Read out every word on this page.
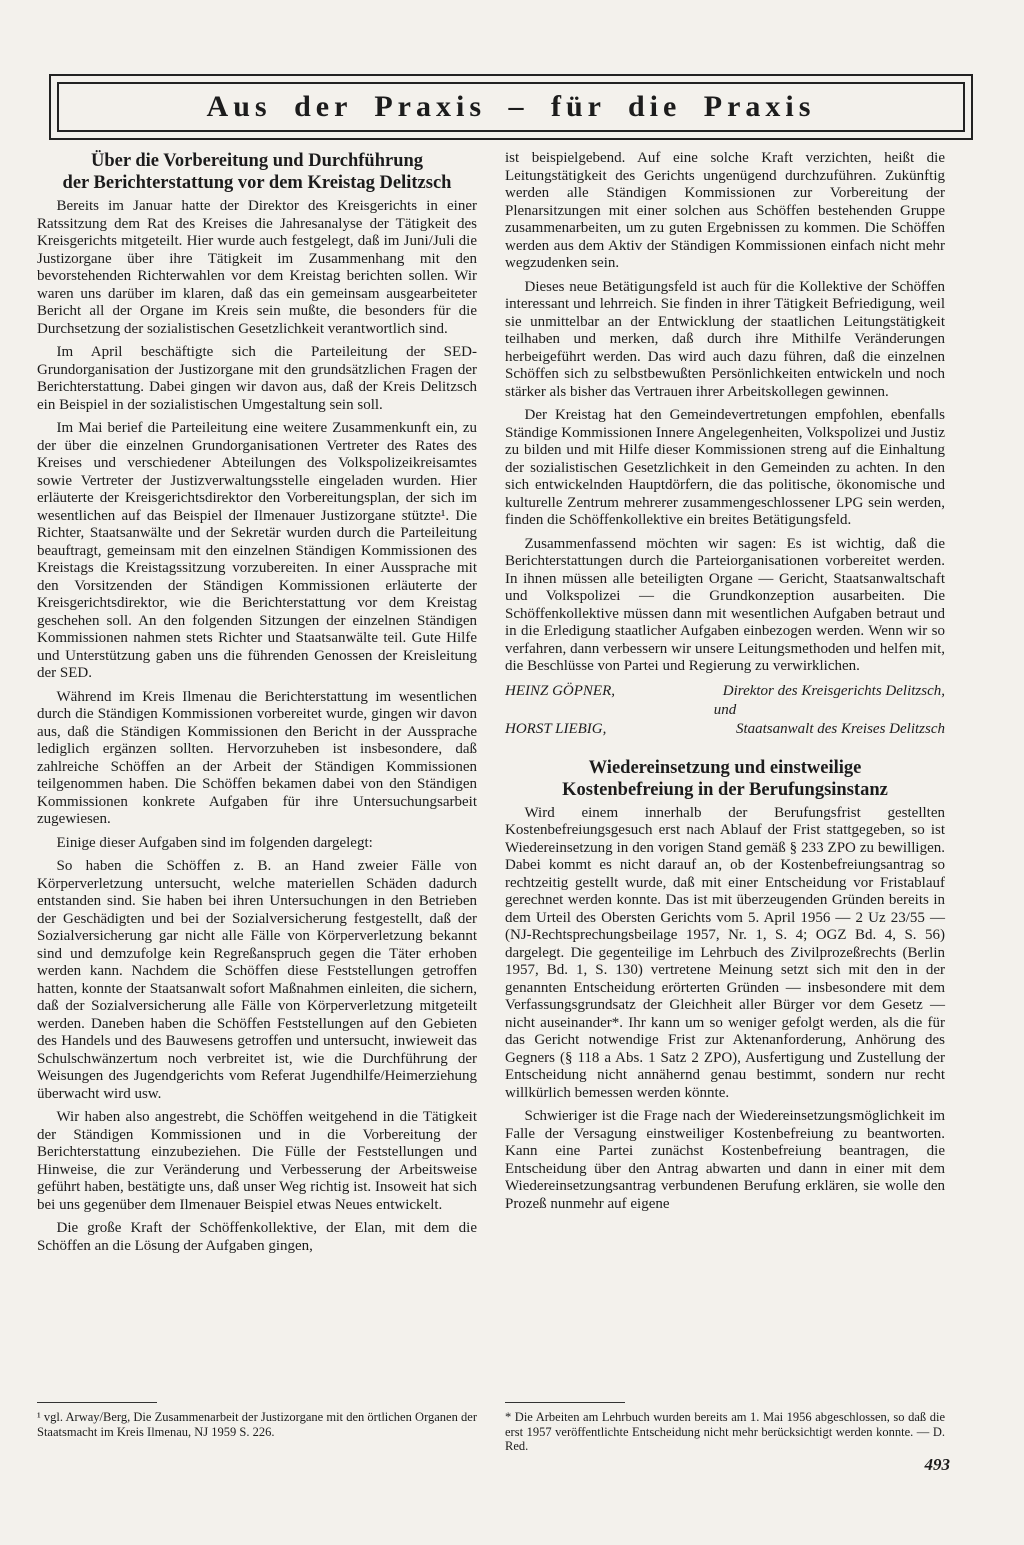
Aus der Praxis – für die Praxis
Über die Vorbereitung und Durchführung
der Berichterstattung vor dem Kreistag Delitzsch

Bereits im Januar hatte der Direktor des Kreisgerichts in einer Ratssitzung dem Rat des Kreises die Jahresanalyse der Tätigkeit des Kreisgerichts mitgeteilt. Hier wurde auch festgelegt, daß im Juni/Juli die Justizorgane über ihre Tätigkeit im Zusammenhang mit den bevorstehenden Richterwahlen vor dem Kreistag berichten sollen. Wir waren uns darüber im klaren, daß das ein gemeinsam ausgearbeiteter Bericht all der Organe im Kreis sein mußte, die besonders für die Durchsetzung der sozialistischen Gesetzlichkeit verantwortlich sind.

Im April beschäftigte sich die Parteileitung der SED-Grundorganisation der Justizorgane mit den grundsätzlichen Fragen der Berichterstattung. Dabei gingen wir davon aus, daß der Kreis Delitzsch ein Beispiel in der sozialistischen Umgestaltung sein soll.

Im Mai berief die Parteileitung eine weitere Zusammenkunft ein, zu der über die einzelnen Grundorganisationen Vertreter des Rates des Kreises und verschiedener Abteilungen des Volkspolizeikreisamtes sowie Vertreter der Justizverwaltungsstelle eingeladen wurden. Hier erläuterte der Kreisgerichtsdirektor den Vorbereitungsplan, der sich im wesentlichen auf das Beispiel der Ilmenauer Justizorgane stützte¹. Die Richter, Staatsanwälte und der Sekretär wurden durch die Parteileitung beauftragt, gemeinsam mit den einzelnen Ständigen Kommissionen des Kreistags die Kreistagssitzung vorzubereiten. In einer Aussprache mit den Vorsitzenden der Ständigen Kommissionen erläuterte der Kreisgerichtsdirektor, wie die Berichterstattung vor dem Kreistag geschehen soll. An den folgenden Sitzungen der einzelnen Ständigen Kommissionen nahmen stets Richter und Staatsanwälte teil. Gute Hilfe und Unterstützung gaben uns die führenden Genossen der Kreisleitung der SED.

Während im Kreis Ilmenau die Berichterstattung im wesentlichen durch die Ständigen Kommissionen vorbereitet wurde, gingen wir davon aus, daß die Ständigen Kommissionen den Bericht in der Aussprache lediglich ergänzen sollten. Hervorzuheben ist insbesondere, daß zahlreiche Schöffen an der Arbeit der Ständigen Kommissionen teilgenommen haben. Die Schöffen bekamen dabei von den Ständigen Kommissionen konkrete Aufgaben für ihre Untersuchungsarbeit zugewiesen.

Einige dieser Aufgaben sind im folgenden dargelegt:

So haben die Schöffen z. B. an Hand zweier Fälle von Körperverletzung untersucht, welche materiellen Schäden dadurch entstanden sind. Sie haben bei ihren Untersuchungen in den Betrieben der Geschädigten und bei der Sozialversicherung festgestellt, daß der Sozialversicherung gar nicht alle Fälle von Körperverletzung bekannt sind und demzufolge kein Regreßanspruch gegen die Täter erhoben werden kann. Nachdem die Schöffen diese Feststellungen getroffen hatten, konnte der Staatsanwalt sofort Maßnahmen einleiten, die sichern, daß der Sozialversicherung alle Fälle von Körperverletzung mitgeteilt werden. Daneben haben die Schöffen Feststellungen auf den Gebieten des Handels und des Bauwesens getroffen und untersucht, inwieweit das Schulschwänzertum noch verbreitet ist, wie die Durchführung der Weisungen des Jugendgerichts vom Referat Jugendhilfe/Heimerziehung überwacht wird usw.

Wir haben also angestrebt, die Schöffen weitgehend in die Tätigkeit der Ständigen Kommissionen und in die Vorbereitung der Berichterstattung einzubeziehen. Die Fülle der Feststellungen und Hinweise, die zur Veränderung und Verbesserung der Arbeitsweise geführt haben, bestätigte uns, daß unser Weg richtig ist. Insoweit hat sich bei uns gegenüber dem Ilmenauer Beispiel etwas Neues entwickelt.

Die große Kraft der Schöffenkollektive, der Elan, mit dem die Schöffen an die Lösung der Aufgaben gingen,

ist beispielgebend. Auf eine solche Kraft verzichten, heißt die Leitungstätigkeit des Gerichts ungenügend durchzuführen. Zukünftig werden alle Ständigen Kommissionen zur Vorbereitung der Plenarsitzungen mit einer solchen aus Schöffen bestehenden Gruppe zusammenarbeiten, um zu guten Ergebnissen zu kommen. Die Schöffen werden aus dem Aktiv der Ständigen Kommissionen einfach nicht mehr wegzudenken sein.

Dieses neue Betätigungsfeld ist auch für die Kollektive der Schöffen interessant und lehrreich. Sie finden in ihrer Tätigkeit Befriedigung, weil sie unmittelbar an der Entwicklung der staatlichen Leitungstätigkeit teilhaben und merken, daß durch ihre Mithilfe Veränderungen herbeigeführt werden. Das wird auch dazu führen, daß die einzelnen Schöffen sich zu selbstbewußten Persönlichkeiten entwickeln und noch stärker als bisher das Vertrauen ihrer Arbeitskollegen gewinnen.

Der Kreistag hat den Gemeindevertretungen empfohlen, ebenfalls Ständige Kommissionen Innere Angelegenheiten, Volkspolizei und Justiz zu bilden und mit Hilfe dieser Kommissionen streng auf die Einhaltung der sozialistischen Gesetzlichkeit in den Gemeinden zu achten. In den sich entwickelnden Hauptdörfern, die das politische, ökonomische und kulturelle Zentrum mehrerer zusammengeschlossener LPG sein werden, finden die Schöffenkollektive ein breites Betätigungsfeld.

Zusammenfassend möchten wir sagen: Es ist wichtig, daß die Berichterstattungen durch die Parteiorganisationen vorbereitet werden. In ihnen müssen alle beteiligten Organe — Gericht, Staatsanwaltschaft und Volkspolizei — die Grundkonzeption ausarbeiten. Die Schöffenkollektive müssen dann mit wesentlichen Aufgaben betraut und in die Erledigung staatlicher Aufgaben einbezogen werden. Wenn wir so verfahren, dann verbessern wir unsere Leitungsmethoden und helfen mit, die Beschlüsse von Partei und Regierung zu verwirklichen.

HEINZ GÖPNER,	Direktor des Kreisgerichts Delitzsch,
und
HORST LIEBIG,	Staatsanwalt des Kreises Delitzsch
Wiedereinsetzung und einstweilige
Kostenbefreiung in der Berufungsinstanz

Wird einem innerhalb der Berufungsfrist gestellten Kostenbefreiungsgesuch erst nach Ablauf der Frist stattgegeben, so ist Wiedereinsetzung in den vorigen Stand gemäß § 233 ZPO zu bewilligen. Dabei kommt es nicht darauf an, ob der Kostenbefreiungsantrag so rechtzeitig gestellt wurde, daß mit einer Entscheidung vor Fristablauf gerechnet werden konnte. Das ist mit überzeugenden Gründen bereits in dem Urteil des Obersten Gerichts vom 5. April 1956 — 2 Uz 23/55 — (NJ-Rechtsprechungsbeilage 1957, Nr. 1, S. 4; OGZ Bd. 4, S. 56) dargelegt. Die gegenteilige im Lehrbuch des Zivilprozeßrechts (Berlin 1957, Bd. 1, S. 130) vertretene Meinung setzt sich mit den in der genannten Entscheidung erörterten Gründen — insbesondere mit dem Verfassungsgrundsatz der Gleichheit aller Bürger vor dem Gesetz — nicht auseinander*. Ihr kann um so weniger gefolgt werden, als die für das Gericht notwendige Frist zur Aktenanforderung, Anhörung des Gegners (§ 118 a Abs. 1 Satz 2 ZPO), Ausfertigung und Zustellung der Entscheidung nicht annähernd genau bestimmt, sondern nur recht willkürlich bemessen werden könnte.

Schwieriger ist die Frage nach der Wiedereinsetzungsmöglichkeit im Falle der Versagung einstweiliger Kostenbefreiung zu beantworten. Kann eine Partei zunächst Kostenbefreiung beantragen, die Entscheidung über den Antrag abwarten und dann in einer mit dem Wiedereinsetzungsantrag verbundenen Berufung erklären, sie wolle den Prozeß nunmehr auf eigene

¹ vgl. Arway/Berg, Die Zusammenarbeit der Justizorgane mit den örtlichen Organen der Staatsmacht im Kreis Ilmenau, NJ 1959 S. 226.
* Die Arbeiten am Lehrbuch wurden bereits am 1. Mai 1956 abgeschlossen, so daß die erst 1957 veröffentlichte Entscheidung nicht mehr berücksichtigt werden konnte. — D. Red.
493
